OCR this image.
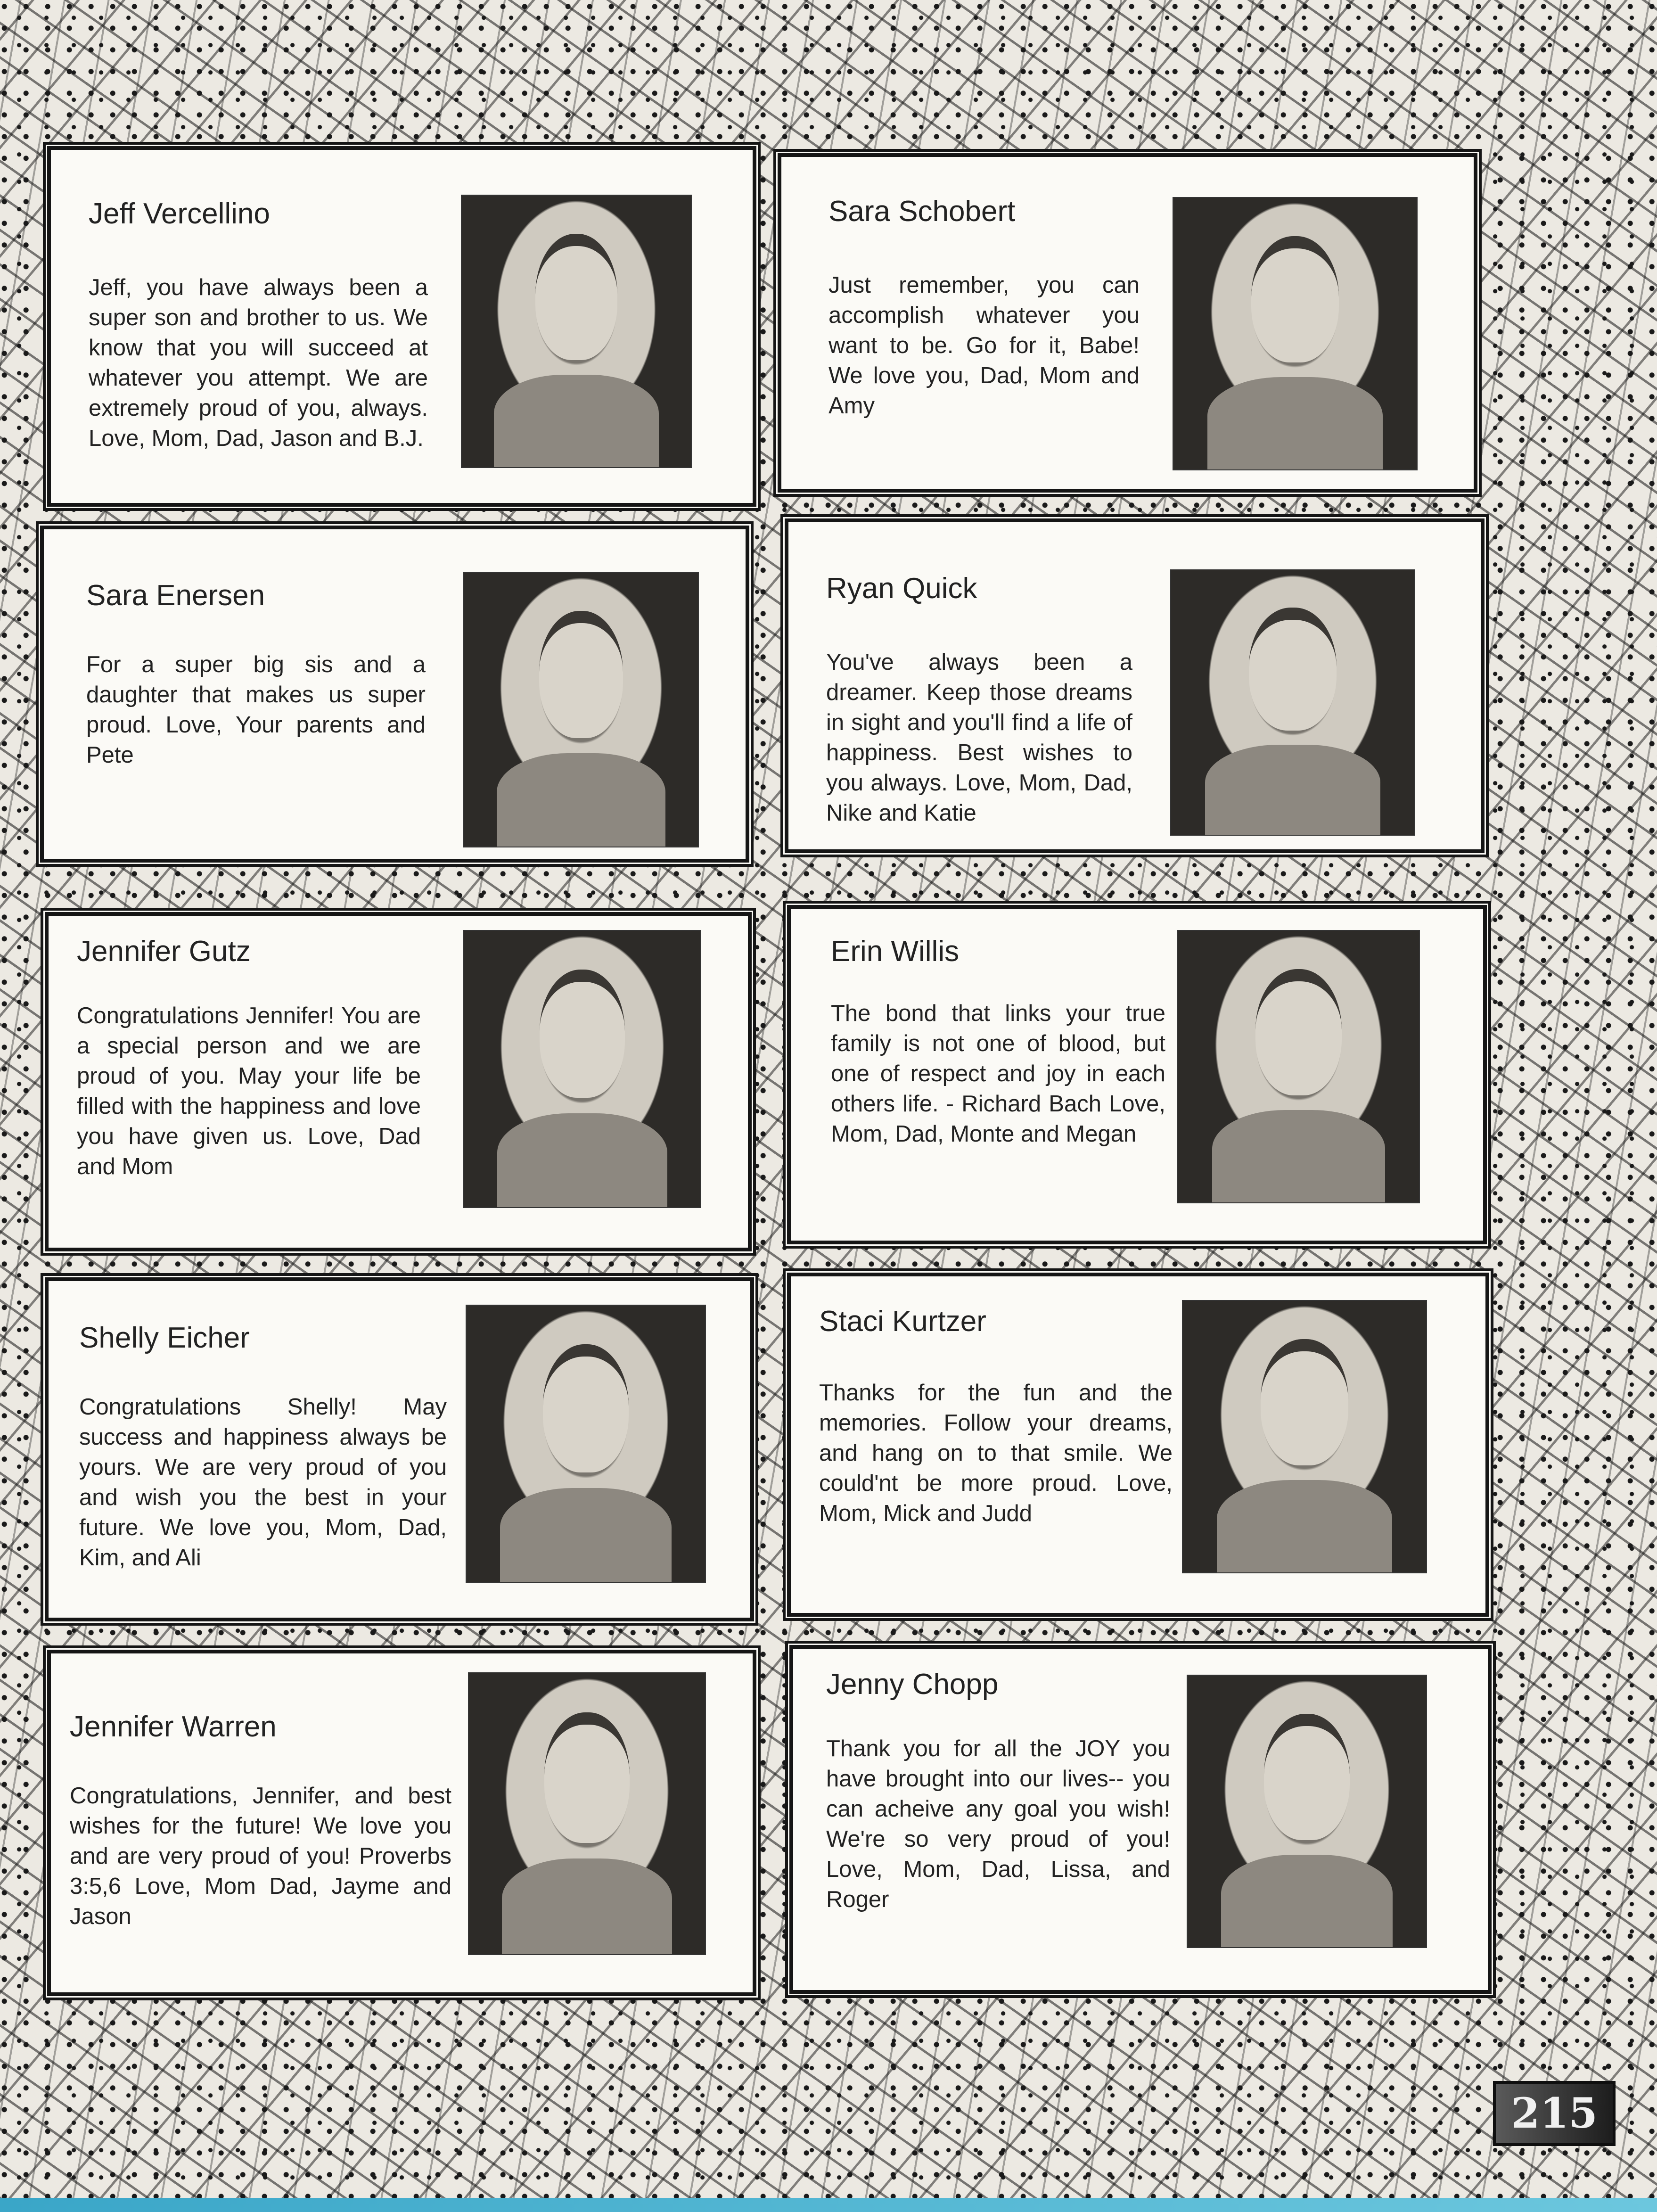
Jeff Vercellino

Jeff, you have always been a super son and brother to us. We know that you will succeed at whatever you attempt. We are extremely proud of you, always. Love, Mom, Dad, Jason and B.J.

Sara Schobert

Just remember, you can accomplish whatever you want to be. Go for it, Babe! We love you, Dad, Mom and Amy

Sara Enersen

For a super big sis and a daughter that makes us super proud. Love, Your parents and Pete

Ryan Quick

You've always been a dreamer. Keep those dreams in sight and you'll find a life of happiness. Best wishes to you always. Love, Mom, Dad, Nike and Katie

Jennifer Gutz

Congratulations Jennifer! You are a special person and we are proud of you. May your life be filled with the happiness and love you have given us. Love, Dad and Mom

Erin Willis

The bond that links your true family is not one of blood, but one of respect and joy in each others life. - Richard Bach Love, Mom, Dad, Monte and Megan

Shelly Eicher

Congratulations Shelly! May success and happiness always be yours. We are very proud of you and wish you the best in your future. We love you, Mom, Dad, Kim, and Ali

Staci Kurtzer

Thanks for the fun and the memories. Follow your dreams, and hang on to that smile. We could'nt be more proud. Love, Mom, Mick and Judd

Jennifer Warren

Congratulations, Jennifer, and best wishes for the future! We love you and are very proud of you! Proverbs 3:5,6 Love, Mom Dad, Jayme and Jason

Jenny Chopp

Thank you for all the JOY you have brought into our lives-- you can acheive any goal you wish! We're so very proud of you! Love, Mom, Dad, Lissa, and Roger

215
